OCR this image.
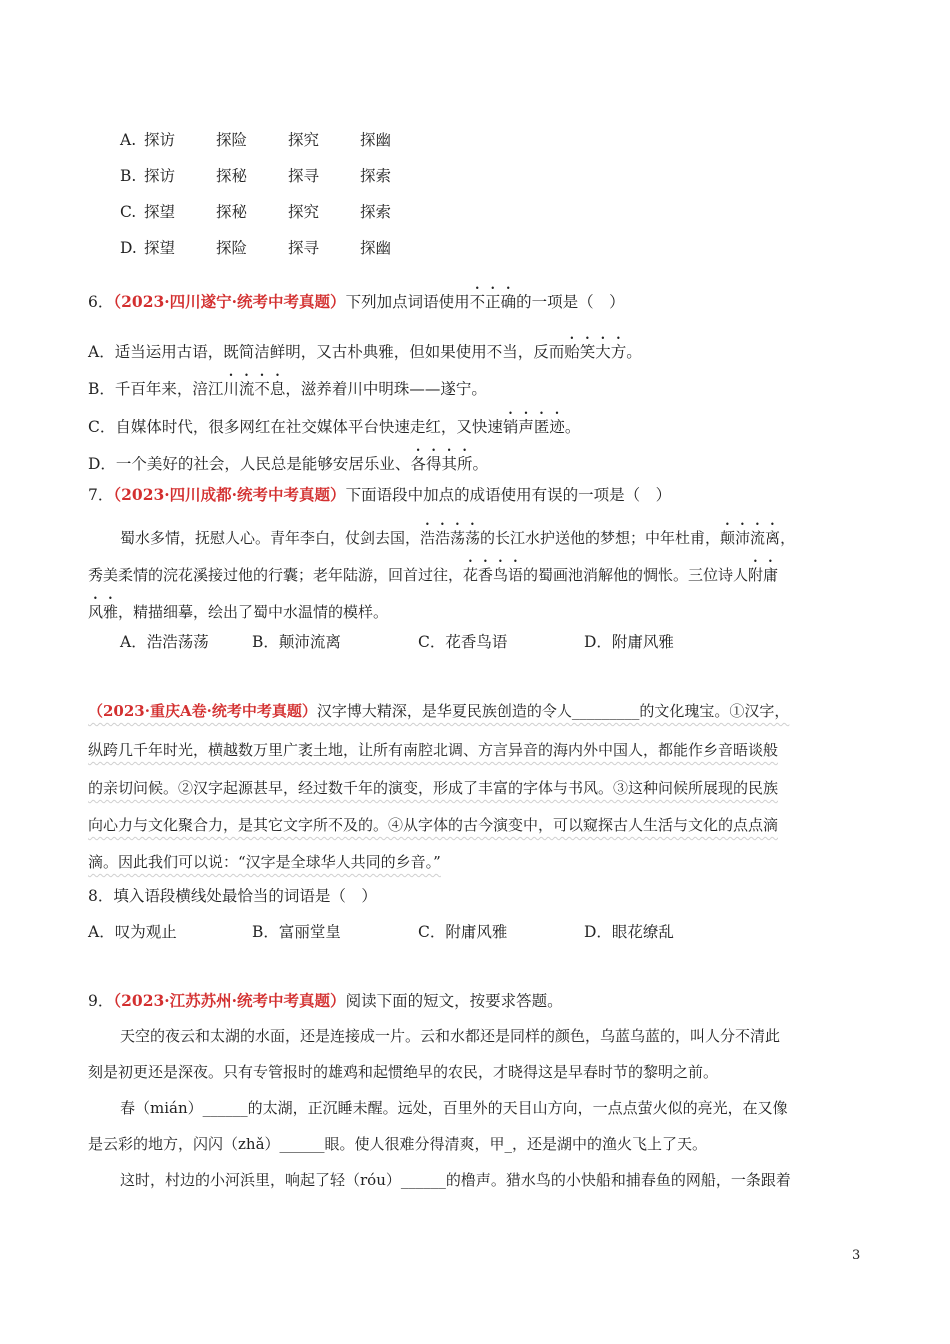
A. 探访	探险	探究	探幽
B. 探访	探秘	探寻	探索
C. 探望	探秘	探究	探索
D. 探望	探险	探寻	探幽
6．（2023·四川遂宁·统考中考真题）下列加点词语使用不正确的一项是（　）
A．适当运用古语，既简洁鲜明，又古朴典雅，但如果使用不当，反而贻笑大方。
B．千百年来，涪江川流不息，滋养着川中明珠——遂宁。
C．自媒体时代，很多网红在社交媒体平台快速走红，又快速销声匿迹。
D．一个美好的社会，人民总是能够安居乐业、各得其所。
7．（2023·四川成都·统考中考真题）下面语段中加点的成语使用有误的一项是（　）
蜀水多情，抚慰人心。青年李白，仗剑去国，浩浩荡荡的长江水护送他的梦想；中年杜甫，颠沛流离，
秀美柔情的浣花溪接过他的行囊；老年陆游，回首过往，花香鸟语的蜀画池消解他的惆怅。三位诗人附庸
风雅，精描细摹，绘出了蜀中水温情的模样。
A．浩浩荡荡	B．颠沛流离	C．花香鸟语	D．附庸风雅
（2023·重庆A卷·统考中考真题）汉字博大精深，是华夏民族创造的令人_________的文化瑰宝。①汉字，
纵跨几千年时光，横越数万里广袤土地，让所有南腔北调、方言异音的海内外中国人，都能作乡音晤谈般
的亲切问候。②汉字起源甚早，经过数千年的演变，形成了丰富的字体与书风。③这种问候所展现的民族
向心力与文化聚合力，是其它文字所不及的。④从字体的古今演变中，可以窥探古人生活与文化的点点滴
滴。因此我们可以说：“汉字是全球华人共同的乡音。”
8．填入语段横线处最恰当的词语是（　）
A．叹为观止	B．富丽堂皇	C．附庸风雅	D．眼花缭乱
9．（2023·江苏苏州·统考中考真题）阅读下面的短文，按要求答题。
天空的夜云和太湖的水面，还是连接成一片。云和水都还是同样的颜色，乌蓝乌蓝的，叫人分不清此
刻是初更还是深夜。只有专管报时的雄鸡和起惯绝早的农民，才晓得这是早春时节的黎明之前。
春（mián）______的太湖，正沉睡未醒。远处，百里外的天目山方向，一点点萤火似的亮光，在又像
是云彩的地方，闪闪（zhǎ）______眼。使人很难分得清爽，甲_，还是湖中的渔火飞上了天。
这时，村边的小河浜里，响起了轻（róu）______的橹声。猎水鸟的小快船和捕春鱼的网船，一条跟着
3
